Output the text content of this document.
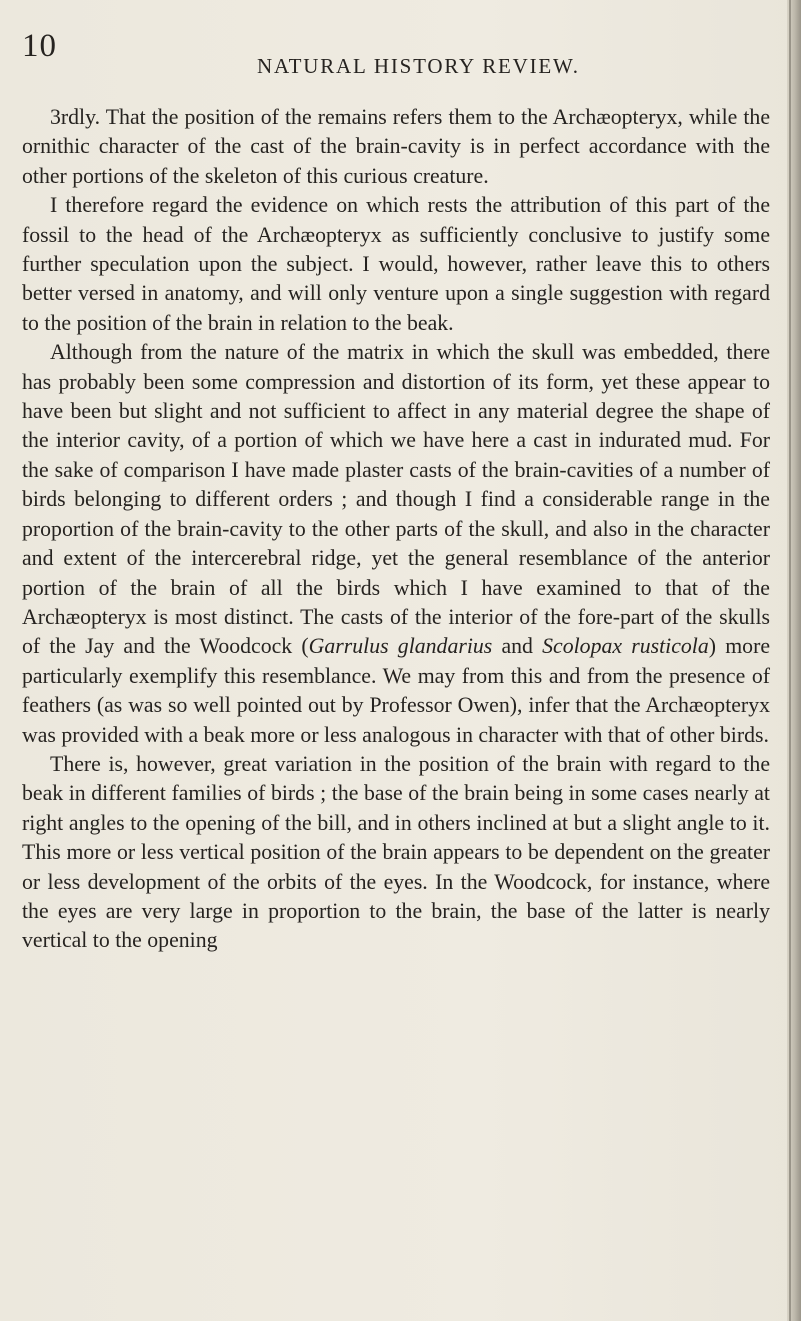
10
NATURAL HISTORY REVIEW.

3rdly. That the position of the remains refers them to the Archæopteryx, while the ornithic character of the cast of the brain-cavity is in perfect accordance with the other portions of the skeleton of this curious creature.

I therefore regard the evidence on which rests the attribution of this part of the fossil to the head of the Archæopteryx as sufficiently conclusive to justify some further speculation upon the subject. I would, however, rather leave this to others better versed in anatomy, and will only venture upon a single suggestion with regard to the position of the brain in relation to the beak.

Although from the nature of the matrix in which the skull was embedded, there has probably been some compression and distortion of its form, yet these appear to have been but slight and not sufficient to affect in any material degree the shape of the interior cavity, of a portion of which we have here a cast in indurated mud. For the sake of comparison I have made plaster casts of the brain-cavities of a number of birds belonging to different orders ; and though I find a considerable range in the proportion of the brain-cavity to the other parts of the skull, and also in the character and extent of the intercerebral ridge, yet the general resemblance of the anterior portion of the brain of all the birds which I have examined to that of the Archæopteryx is most distinct. The casts of the interior of the fore-part of the skulls of the Jay and the Woodcock (Garrulus glandarius and Scolopax rusticola) more particularly exemplify this resemblance. We may from this and from the presence of feathers (as was so well pointed out by Professor Owen), infer that the Archæopteryx was provided with a beak more or less analogous in character with that of other birds.

There is, however, great variation in the position of the brain with regard to the beak in different families of birds ; the base of the brain being in some cases nearly at right angles to the opening of the bill, and in others inclined at but a slight angle to it. This more or less vertical position of the brain appears to be dependent on the greater or less development of the orbits of the eyes. In the Woodcock, for instance, where the eyes are very large in proportion to the brain, the base of the latter is nearly vertical to the opening
